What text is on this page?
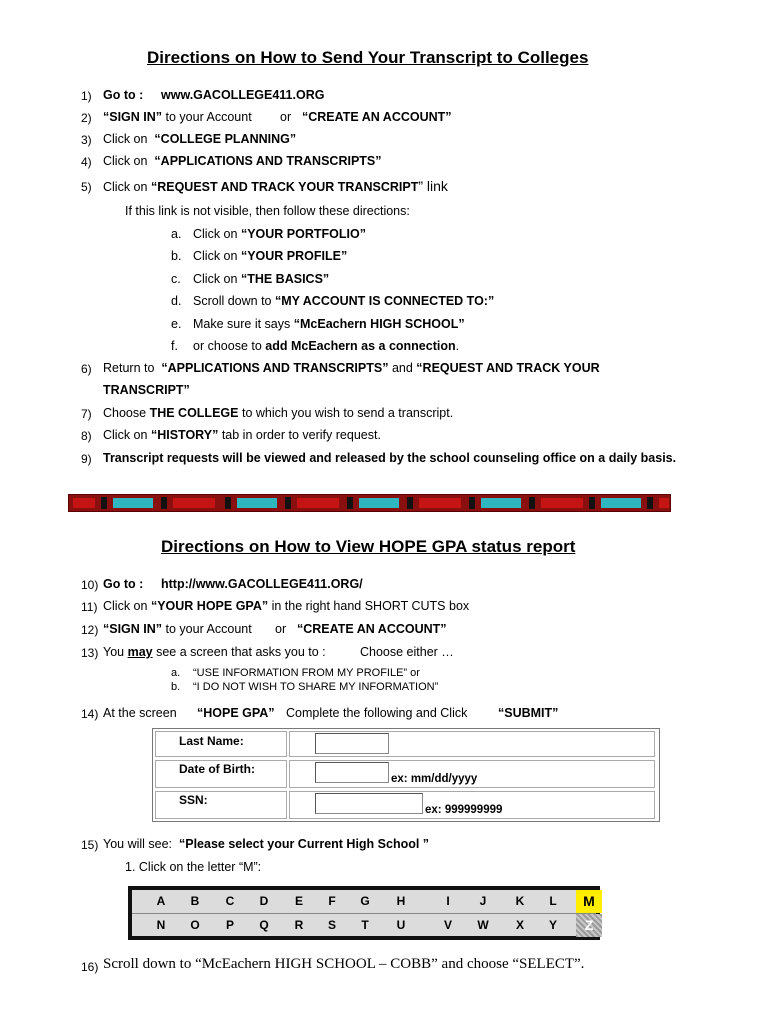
Directions on How to Send Your Transcript to Colleges
1) Go to : www.GACOLLEGE411.ORG
2) “SIGN IN” to your Account or “CREATE AN ACCOUNT”
3) Click on “COLLEGE PLANNING”
4) Click on “APPLICATIONS AND TRANSCRIPTS”
5) Click on “REQUEST AND TRACK YOUR TRANSCRIPT” link
If this link is not visible, then follow these directions:
a. Click on “YOUR PORTFOLIO”
b. Click on “YOUR PROFILE”
c. Click on “THE BASICS”
d. Scroll down to “MY ACCOUNT IS CONNECTED TO:”
e. Make sure it says “McEachern HIGH SCHOOL”
f. or choose to add McEachern as a connection.
6) Return to “APPLICATIONS AND TRANSCRIPTS” and “REQUEST AND TRACK YOUR
TRANSCRIPT”
7) Choose THE COLLEGE to which you wish to send a transcript.
8) Click on “HISTORY” tab in order to verify request.
9) Transcript requests will be viewed and released by the school counseling office on a daily basis.
Directions on How to View HOPE GPA status report
10) Go to : http://www.GACOLLEGE411.ORG/
11) Click on “YOUR HOPE GPA” in the right hand SHORT CUTS box
12) “SIGN IN” to your Account or “CREATE AN ACCOUNT”
13) You may see a screen that asks you to :	Choose either …
a. “USE INFORMATION FROM MY PROFILE” or
b. “I DO NOT WISH TO SHARE MY INFORMATION”
14) At the screen “HOPE GPA” Complete the following and Click “SUBMIT”
Last Name:
Date of Birth:
ex: mm/dd/yyyy
SSN:
ex: 999999999
15) You will see: “Please select your Current High School ”
1. Click on the letter “M”:
A	B	C	D	E	F	G	H	I	J	K	L	M
N	O	P	Q	R	S	T	U	V	W	X	Y	Z
16) Scroll down to “McEachern HIGH SCHOOL – COBB” and choose “SELECT”.
